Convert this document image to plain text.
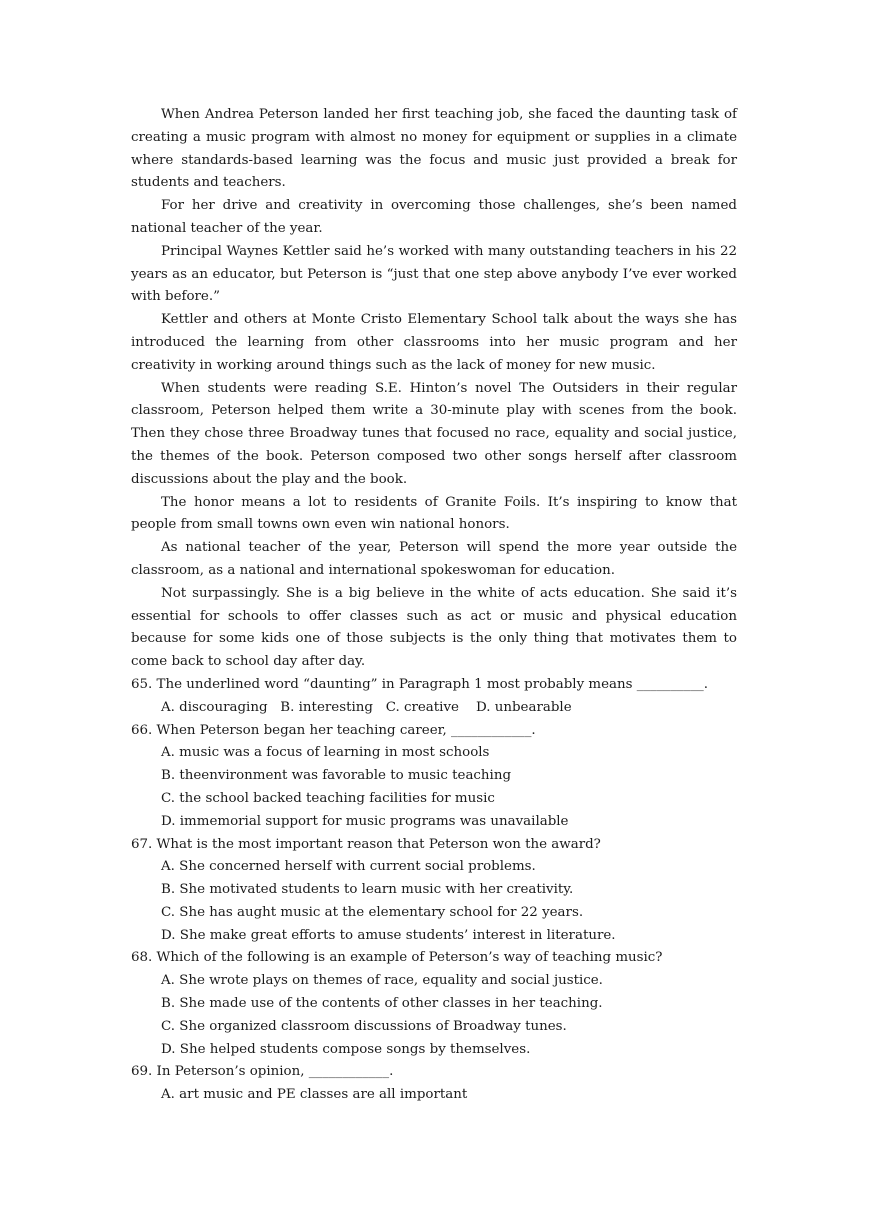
When Andrea Peterson landed her first teaching job, she faced the daunting task of creating a music program with almost no money for equipment or supplies in a climate where standards-based learning was the focus and music just provided a break for students and teachers.

For her drive and creativity in overcoming those challenges, she’s been named national teacher of the year.

Principal Waynes Kettler said he’s worked with many outstanding teachers in his 22 years as an educator, but Peterson is “just that one step above anybody I’ve ever worked with before.”

Kettler and others at Monte Cristo Elementary School talk about the ways she has introduced the learning from other classrooms into her music program and her creativity in working around things such as the lack of money for new music.

When students were reading S.E. Hinton’s novel The Outsiders in their regular classroom, Peterson helped them write a 30-minute play with scenes from the book. Then they chose three Broadway tunes that focused no race, equality and social justice, the themes of the book. Peterson composed two other songs herself after classroom discussions about the play and the book.

The honor means a lot to residents of Granite Foils. It’s inspiring to know that people from small towns own even win national honors.

As national teacher of the year, Peterson will spend the more year outside the classroom, as a national and international spokeswoman for education.

Not surpassingly. She is a big believe in the white of acts education. She said it’s essential for schools to offer classes such as act or music and physical education because for some kids one of those subjects is the only thing that motivates them to come back to school day after day.

65. The underlined word “daunting” in Paragraph 1 most probably means __________.

A. discouraging   B. interesting   C. creative    D. unbearable

66. When Peterson began her teaching career, ____________.

A. music was a focus of learning in most schools

B. theenvironment was favorable to music teaching

C. the school backed teaching facilities for music

D. immemorial support for music programs was unavailable

67. What is the most important reason that Peterson won the award?

A. She concerned herself with current social problems.

B. She motivated students to learn music with her creativity.

C. She has aught music at the elementary school for 22 years.

D. She make great efforts to amuse students’ interest in literature.

68. Which of the following is an example of Peterson’s way of teaching music?

A. She wrote plays on themes of race, equality and social justice.

B. She made use of the contents of other classes in her teaching.

C. She organized classroom discussions of Broadway tunes.

D. She helped students compose songs by themselves.

69. In Peterson’s opinion, ____________.

A. art music and PE classes are all important
